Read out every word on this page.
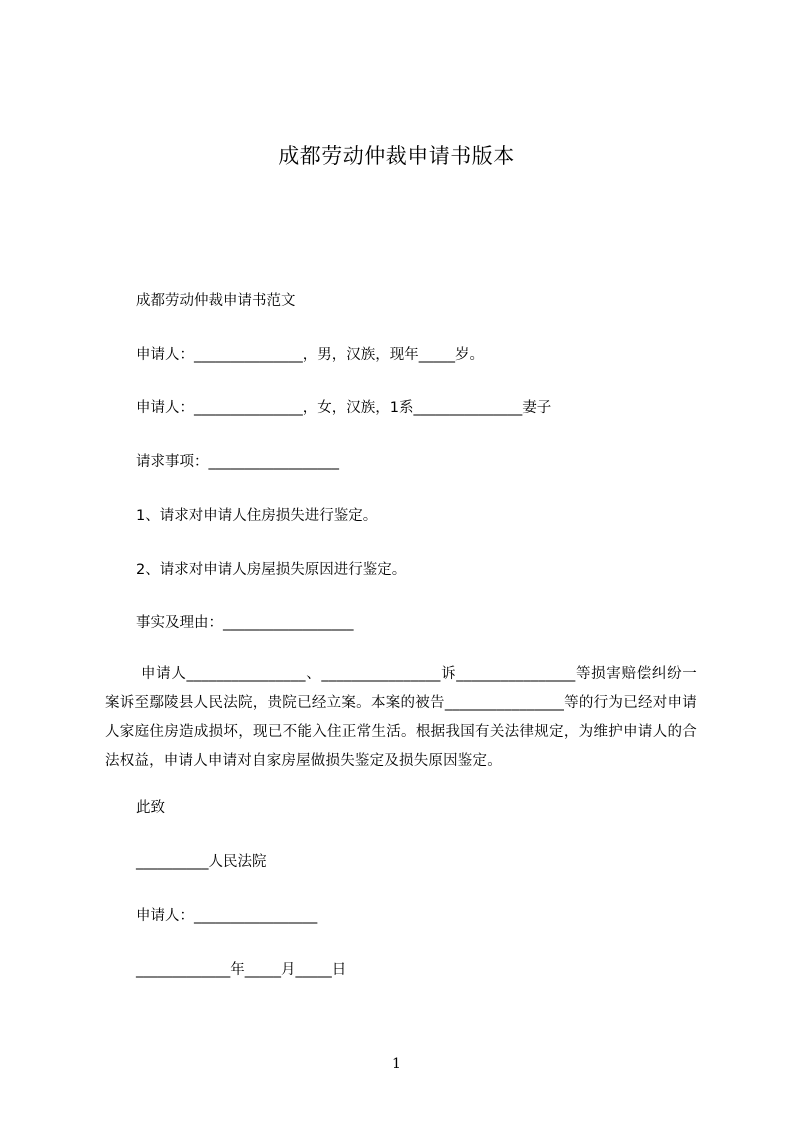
成都劳动仲裁申请书版本
成都劳动仲裁申请书范文
申请人：_______________，男，汉族，现年_____岁。
申请人：_______________，女，汉族，1系_______________妻子
请求事项：__________________
1、请求对申请人住房损失进行鉴定。
2、请求对申请人房屋损失原因进行鉴定。
事实及理由：__________________
申请人________________、________________诉________________等损害赔偿纠纷一案诉至鄢陵县人民法院，贵院已经立案。本案的被告________________等的行为已经对申请人家庭住房造成损坏，现已不能入住正常生活。根据我国有关法律规定，为维护申请人的合法权益，申请人申请对自家房屋做损失鉴定及损失原因鉴定。
此致
__________人民法院
申请人：_________________
_____________年_____月_____日
1
